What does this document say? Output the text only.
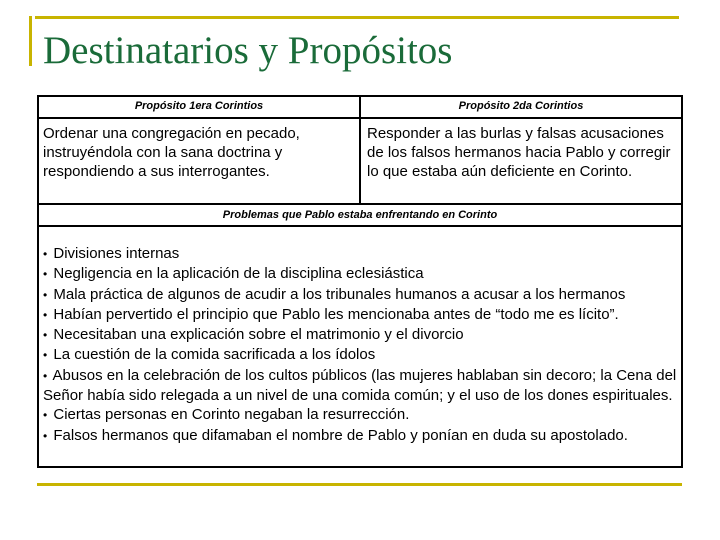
Destinatarios y Propósitos
Propósito 1era Corintios	Propósito 2da Corintios

Ordenar una congregación en pecado, instruyéndola con la sana doctrina y respondiendo a sus interrogantes.

Responder a las burlas y falsas acusaciones de los falsos hermanos hacia Pablo y corregir lo que estaba aún deficiente en Corinto.

Problemas que Pablo estaba enfrentando en Corinto
• Divisiones internas
• Negligencia en la aplicación de la disciplina eclesiástica
• Mala práctica de algunos de acudir a los tribunales humanos a acusar a los hermanos
• Habían pervertido el principio que Pablo les mencionaba antes de “todo me es lícito”.
• Necesitaban una explicación sobre el matrimonio y el divorcio
• La cuestión de la comida sacrificada a los ídolos
• Abusos en la celebración de los cultos públicos (las mujeres hablaban sin decoro; la Cena del Señor había sido relegada a un nivel de una comida común; y el uso de los dones espirituales.
• Ciertas personas en Corinto negaban la resurrección.
• Falsos hermanos que difamaban el nombre de Pablo y ponían en duda su apostolado.
